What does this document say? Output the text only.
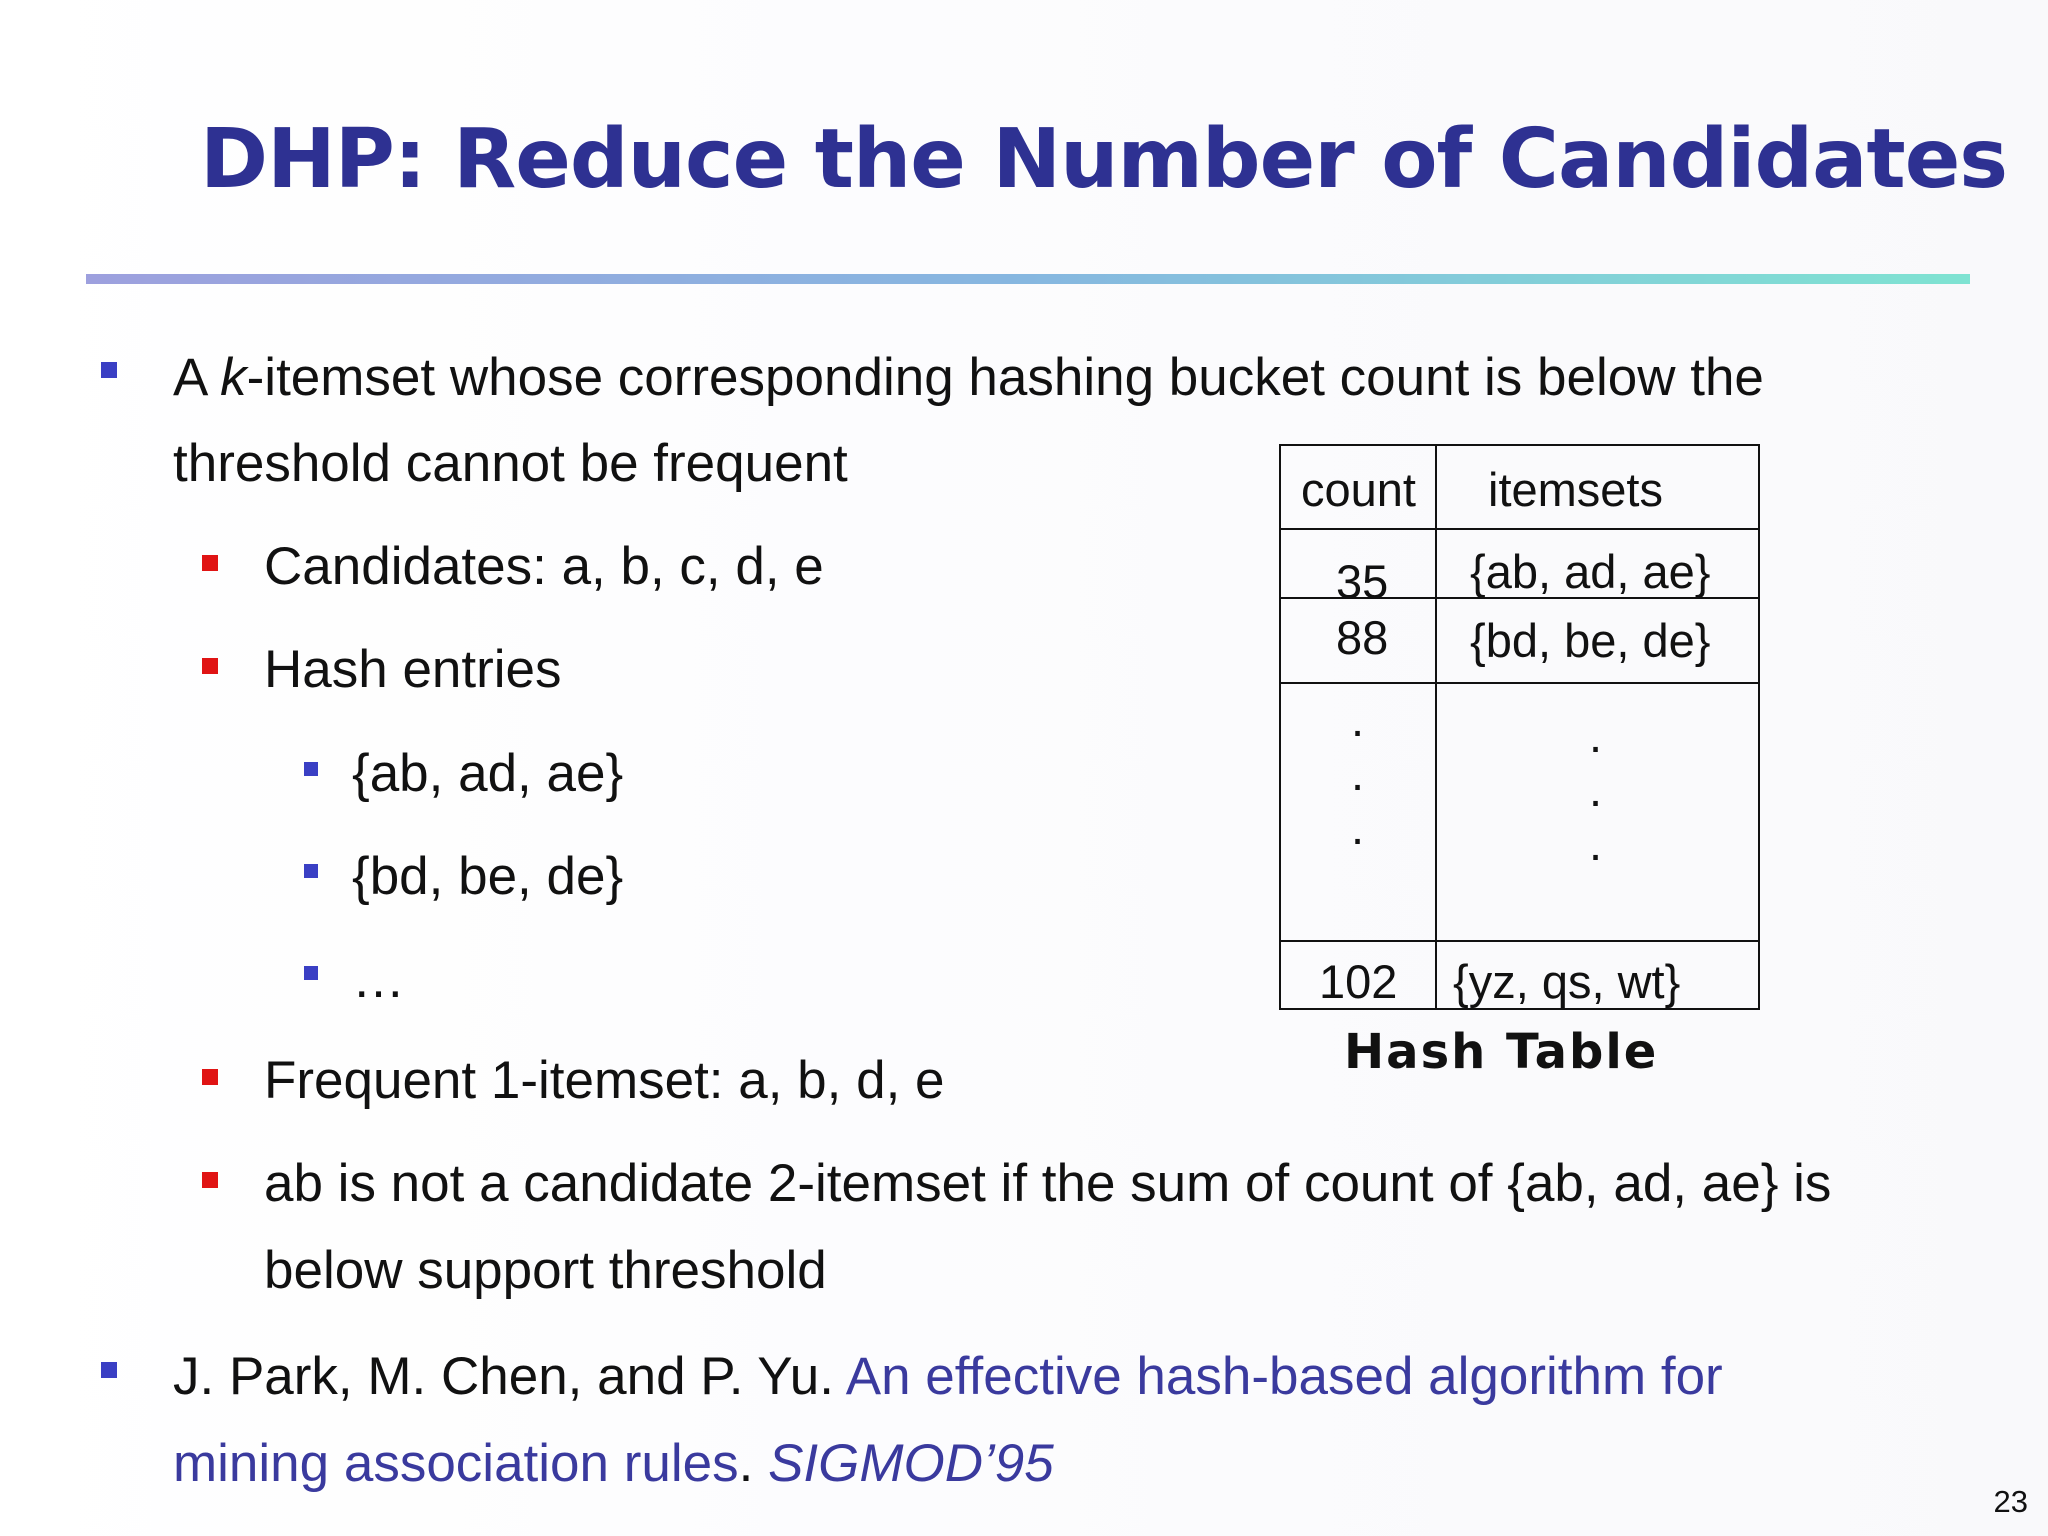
DHP: Reduce the Number of Candidates
A k-itemset whose corresponding hashing bucket count is below the
threshold cannot be frequent
Candidates: a, b, c, d, e
Hash entries
{ab, ad, ae}
{bd, be, de}
…
Frequent 1-itemset: a, b, d, e
ab is not a candidate 2-itemset if the sum of count of {ab, ad, ae} is
below support threshold
J. Park, M. Chen, and P. Yu. An effective hash-based algorithm for
mining association rules. SIGMOD’95
count itemsets
35 {ab, ad, ae}
88 {bd, be, de}
.
.
.
.
.
.
102 {yz, qs, wt}
Hash Table
23
